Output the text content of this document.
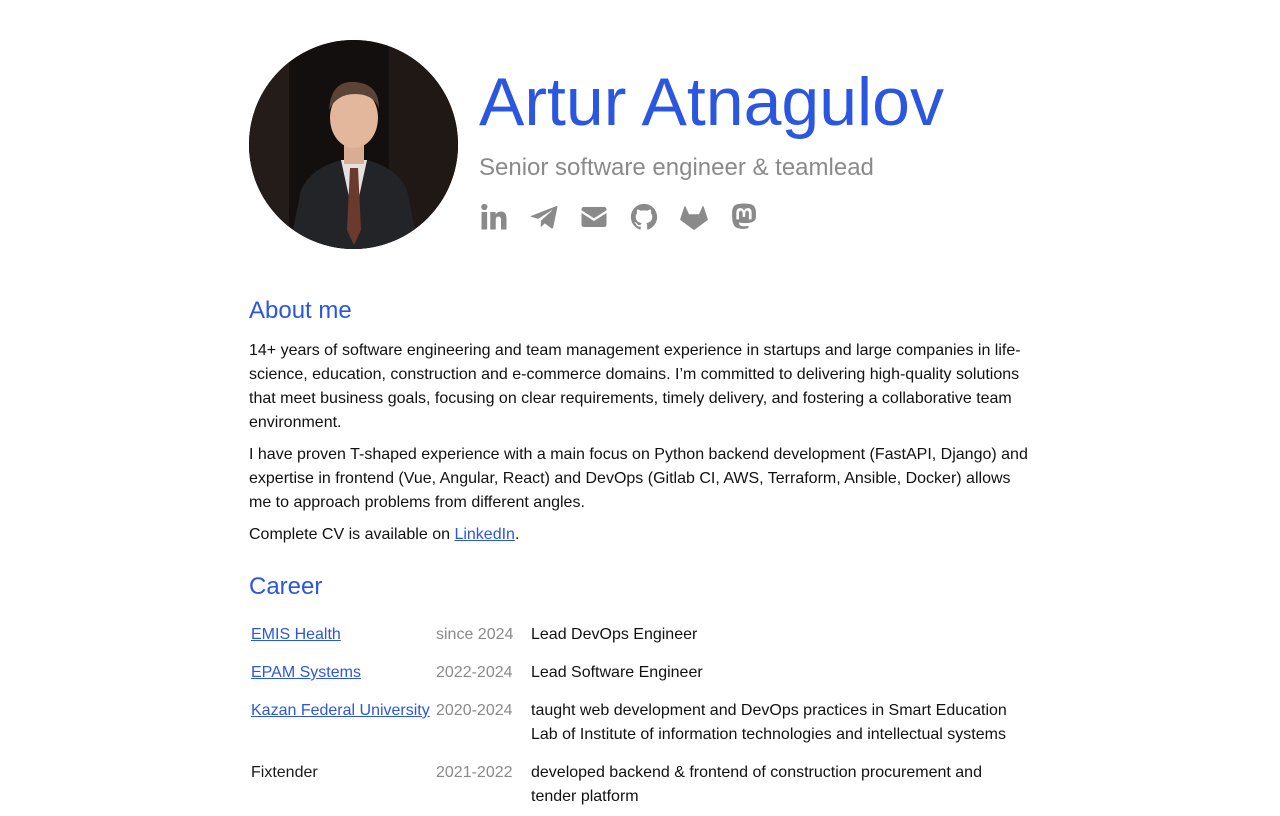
Artur Atnagulov
Senior software engineer & teamlead
About me

14+ years of software engineering and team management experience in startups and large companies in life-science, education, construction and e-commerce domains. I’m committed to delivering high-quality solutions that meet business goals, focusing on clear requirements, timely delivery, and fostering a collaborative team environment.

I have proven T-shaped experience with a main focus on Python backend development (FastAPI, Django) and expertise in frontend (Vue, Angular, React) and DevOps (Gitlab CI, AWS, Terraform, Ansible, Docker) allows me to approach problems from different angles.

Complete CV is available on LinkedIn.

Career
EMIS Health	since 2024	Lead DevOps Engineer
EPAM Systems	2022-2024	Lead Software Engineer
Kazan Federal University	2020-2024	taught web development and DevOps practices in Smart Education Lab of Institute of information technologies and intellectual systems
Fixtender	2021-2022	developed backend & frontend of construction procurement and tender platform
